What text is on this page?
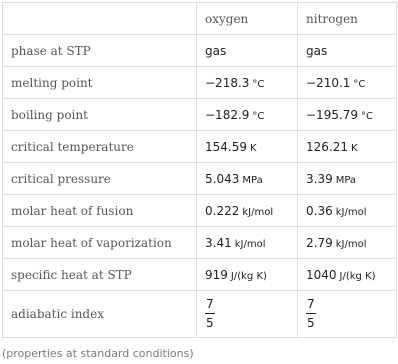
	oxygen	nitrogen
phase at STP	gas	gas
melting point	−218.3 °C	−210.1 °C
boiling point	−182.9 °C	−195.79 °C
critical temperature	154.59 K	126.21 K
critical pressure	5.043 MPa	3.39 MPa
molar heat of fusion	0.222 kJ/mol	0.36 kJ/mol
molar heat of vaporization	3.41 kJ/mol	2.79 kJ/mol
specific heat at STP	919 J/(kg K)	1040 J/(kg K)
adiabatic index	$\frac{7}{5}$	$\frac{7}{5}$
(properties at standard conditions)
